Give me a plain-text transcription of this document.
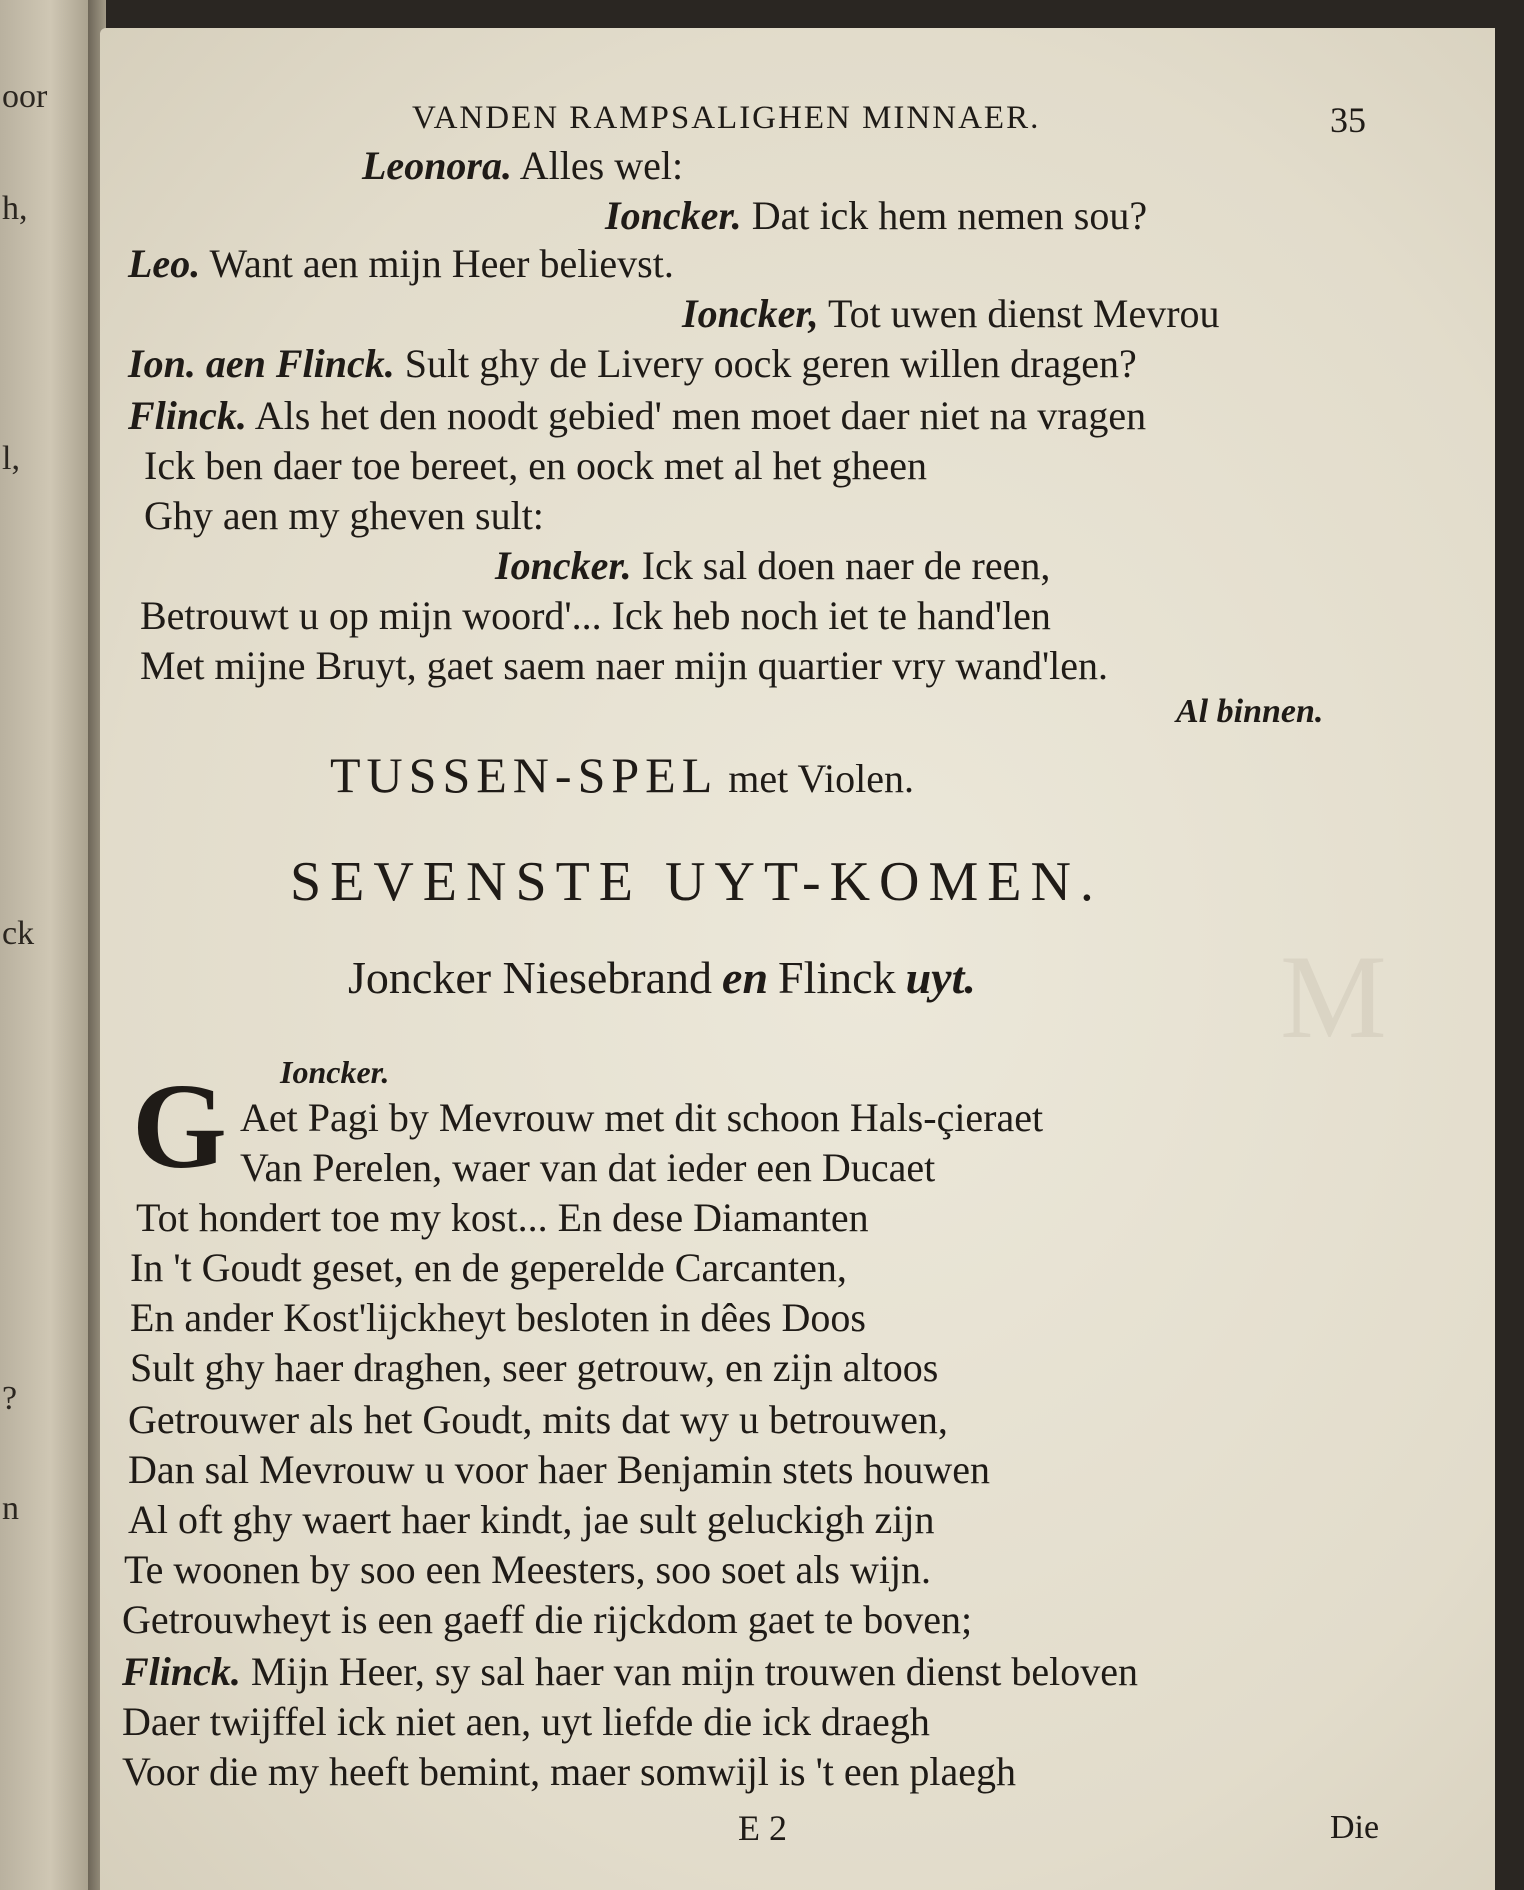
oor
h,
l,
ck
?
n
M
VANDEN RAMPSALIGHEN MINNAER.	35
Leonora. Alles wel:
Ioncker. Dat ick hem nemen sou?
Leo. Want aen mijn Heer believst.
Ioncker, Tot uwen dienst Mevrou
Ion. aen Flinck. Sult ghy de Livery oock geren willen dragen?
Flinck. Als het den noodt gebied' men moet daer niet na vragen
Ick ben daer toe bereet, en oock met al het gheen
Ghy aen my gheven sult:
Ioncker. Ick sal doen naer de reen,
Betrouwt u op mijn woord'... Ick heb noch iet te hand'len
Met mijne Bruyt, gaet saem naer mijn quartier vry wand'len.
Al binnen.
TUSSEN-SPEL met Violen.
SEVENSTE UYT-KOMEN.
Joncker Niesebrand en Flinck uyt.
Ioncker.
G Aet Pagi by Mevrouw met dit schoon Hals-çieraet
Van Perelen, waer van dat ieder een Ducaet
Tot hondert toe my kost... En dese Diamanten
In 't Goudt geset, en de geperelde Carcanten,
En ander Kost'lijckheyt besloten in dêes Doos
Sult ghy haer draghen, seer getrouw, en zijn altoos
Getrouwer als het Goudt, mits dat wy u betrouwen,
Dan sal Mevrouw u voor haer Benjamin stets houwen
Al oft ghy waert haer kindt, jae sult geluckigh zijn
Te woonen by soo een Meesters, soo soet als wijn.
Getrouwheyt is een gaeff die rijckdom gaet te boven;
Flinck. Mijn Heer, sy sal haer van mijn trouwen dienst beloven
Daer twijffel ick niet aen, uyt liefde die ick draegh
Voor die my heeft bemint, maer somwijl is 't een plaegh
E 2	Die
